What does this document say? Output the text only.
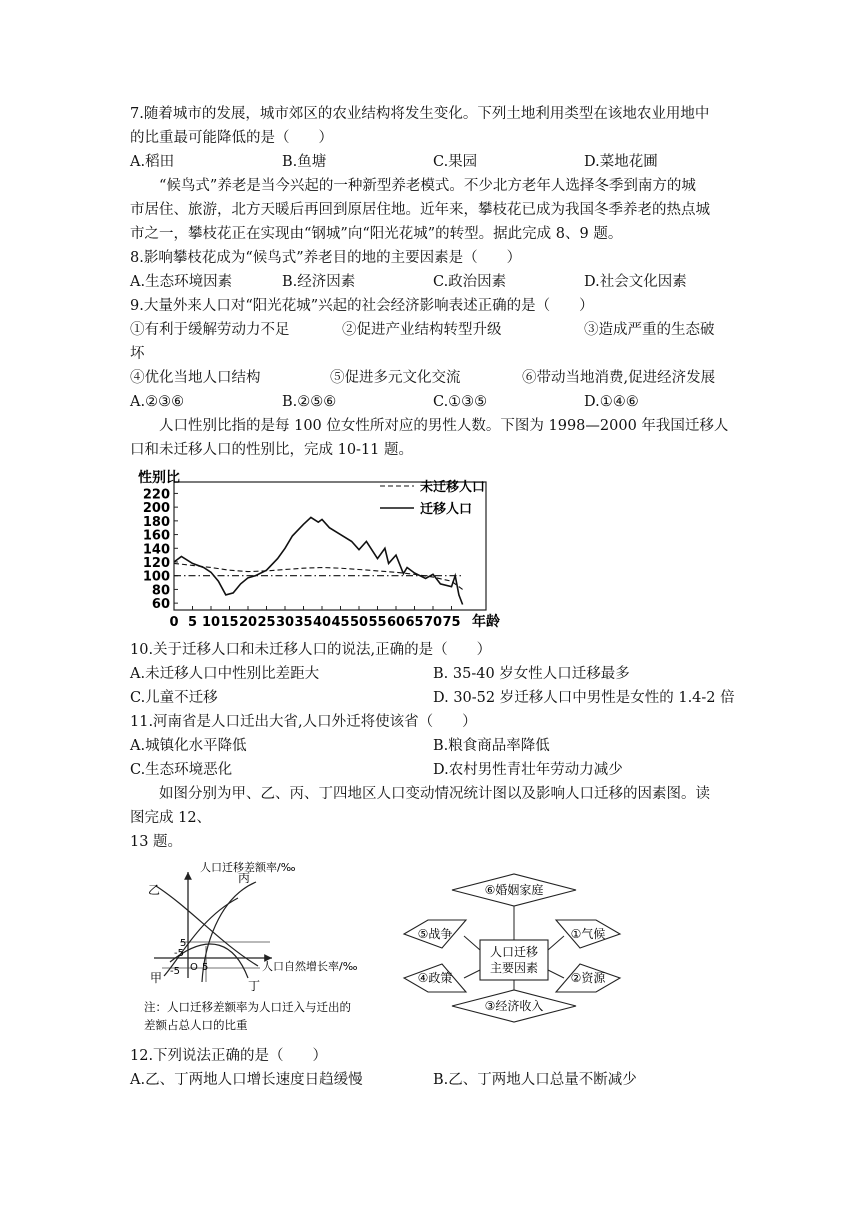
7.随着城市的发展，城市郊区的农业结构将发生变化。下列土地利用类型在该地农业用地中
的比重最可能降低的是（　　）
A.稻田	B.鱼塘	C.果园	D.菜地花圃
“候鸟式”养老是当今兴起的一种新型养老模式。不少北方老年人选择冬季到南方的城
市居住、旅游，北方天暖后再回到原居住地。近年来，攀枝花已成为我国冬季养老的热点城
市之一，攀枝花正在实现由“钢城”向“阳光花城”的转型。据此完成 8、9 题。
8.影响攀枝花成为“候鸟式”养老目的地的主要因素是（　　）
A.生态环境因素	B.经济因素	C.政治因素	D.社会文化因素
9.大量外来人口对“阳光花城”兴起的社会经济影响表述正确的是（　　）
①有利于缓解劳动力不足	②促进产业结构转型升级	③造成严重的生态破
坏
④优化当地人口结构	⑤促进多元文化交流	⑥带动当地消费,促进经济发展
A.②③⑥	B.②⑤⑥	C.①③⑤	D.①④⑥
人口性别比指的是每 100 位女性所对应的男性人数。下图为 1998—2000 年我国迁移人
口和未迁移人口的性别比，完成 10-11 题。
60
80
100
120
140
160
180
200
220
0 5 10 15 20 25 30 35 40 45 50 55 60 65 70 75
性别比
年龄
未迁移人口
迁移人口
10.关于迁移人口和未迁移人口的说法,正确的是（　　）
A.未迁移人口中性别比差距大	B. 35-40 岁女性人口迁移最多
C.儿童不迁移	D. 30-52 岁迁移人口中男性是女性的 1.4-2 倍
11.河南省是人口迁出大省,人口外迁将使该省（　　）
A.城镇化水平降低	B.粮食商品率降低
C.生态环境恶化	D.农村男性青壮年劳动力减少
如图分别为甲、乙、丙、丁四地区人口变动情况统计图以及影响人口迁移的因素图。读
图完成 12、
13 题。
人口迁移差额率/‰
人口自然增长率/‰
乙
丙
甲
丁
5
5
-5
-5 O
注：人口迁移差额率为人口迁入与迁出的
差额占总人口的比重
人口迁移
主要因素
⑥婚姻家庭
⑤战争	①气候
④政策	②资源
③经济收入
12.下列说法正确的是（　　）
A.乙、丁两地人口增长速度日趋缓慢	B.乙、丁两地人口总量不断减少
